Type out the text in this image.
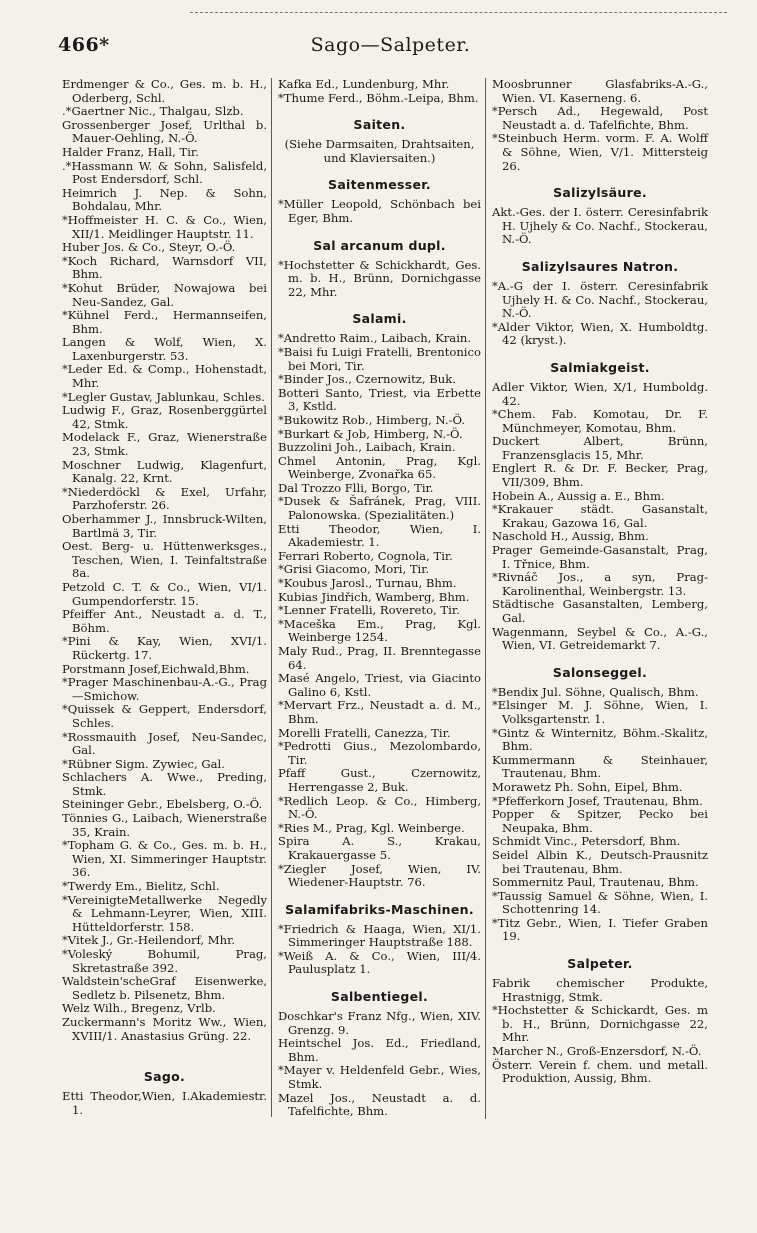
466*	Sago—Salpeter.

Erdmenger & Co., Ges. m. b. H., Oderberg, Schl.

.*Gaertner Nic., Thalgau, Slzb.

Grossenberger Josef, Urlthal b. Mauer-Oehling, N.-Ö.

Halder Franz, Hall, Tir.

.*Hassmann W. & Sohn, Salisfeld, Post Endersdorf, Schl.

Heimrich J. Nep. & Sohn, Bohdalau, Mhr.

*Hoffmeister H. C. & Co., Wien, XII/1. Meidlinger Hauptstr. 11.

Huber Jos. & Co., Steyr, O.-Ö.

*Koch Richard, Warnsdorf VII, Bhm.

*Kohut Brüder, Nowajowa bei Neu-Sandez, Gal.

*Kühnel Ferd., Hermannseifen, Bhm.

Langen & Wolf, Wien, X. Laxenburgerstr. 53.

*Leder Ed. & Comp., Hohenstadt, Mhr.

*Legler Gustav, Jablunkau, Schles.

Ludwig F., Graz, Rosenberggürtel 42, Stmk.

Modelack F., Graz, Wienerstraße 23, Stmk.

Moschner Ludwig, Klagenfurt, Kanalg. 22, Krnt.

*Niederdöckl & Exel, Urfahr, Parzhoferstr. 26.

Oberhammer J., Innsbruck-Wilten, Bartlmä 3, Tir.

Oest. Berg- u. Hüttenwerksges., Teschen, Wien, I. Teinfaltstraße 8a.

Petzold C. T. & Co., Wien, VI/1. Gumpendorferstr. 15.

Pfeiffer Ant., Neustadt a. d. T., Böhm.

*Pini & Kay, Wien, XVI/1. Rückertg. 17.

Porstmann Josef,Eichwald,Bhm.

*Prager Maschinenbau-A.-G., Prag—Smichow.

*Quissek & Geppert, Endersdorf, Schles.

*Rossmauith Josef, Neu-Sandec, Gal.

*Rübner Sigm. Zywiec, Gal.

Schlachers A. Wwe., Preding, Stmk.

Steininger Gebr., Ebelsberg, O.-Ö.

Tönnies G., Laibach, Wienerstraße 35, Krain.

*Topham G. & Co., Ges. m. b. H., Wien, XI. Simmeringer Hauptstr. 36.

*Twerdy Em., Bielitz, Schl.

*VereinigteMetallwerke Negedly & Lehmann-Leyrer, Wien, XIII. Hütteldorferstr. 158.

*Vitek J., Gr.-Heilendorf, Mhr.

*Voleský Bohumil, Prag, Skretastraße 392.

Waldstein'scheGraf Eisenwerke, Sedletz b. Pilsenetz, Bhm.

Welz Wilh., Bregenz, Vrlb.

Zuckermann's Moritz Ww., Wien, XVIII/1. Anastasius Grüng. 22.

Sago.

Etti Theodor,Wien, I.Akademiestr. 1.

Kafka Ed., Lundenburg, Mhr.

*Thume Ferd., Böhm.-Leipa, Bhm.

Saiten.

(Siehe Darmsaiten, Drahtsaiten, und Klaviersaiten.)

Saitenmesser.

*Müller Leopold, Schönbach bei Eger, Bhm.

Sal arcanum dupl.

*Hochstetter & Schickhardt, Ges. m. b. H., Brünn, Dornichgasse 22, Mhr.

Salami.

*Andretto Raim., Laibach, Krain.

*Baisi fu Luigi Fratelli, Brentonico bei Mori, Tir.

*Binder Jos., Czernowitz, Buk.

Botteri Santo, Triest, via Erbette 3, Kstld.

*Bukowitz Rob., Himberg, N.-Ö.

*Burkart & Job, Himberg, N.-Ö.

Buzzolini Joh., Laibach, Krain.

Chmel Antonin, Prag, Kgl. Weinberge, Zvonařka 65.

Dal Trozzo Flli, Borgo, Tir.

*Dusek & Šafránek, Prag, VIII. Palonowska. (Spezialitäten.)

Etti Theodor, Wien, I. Akademiestr. 1.

Ferrari Roberto, Cognola, Tir.

*Grisi Giacomo, Mori, Tir.

*Koubus Jarosl., Turnau, Bhm.

Kubias Jindřich, Wamberg, Bhm.

*Lenner Fratelli, Rovereto, Tir.

*Maceška Em., Prag, Kgl. Weinberge 1254.

Maly Rud., Prag, II. Brenntegasse 64.

Masé Angelo, Triest, via Giacinto Galino 6, Kstl.

*Mervart Frz., Neustadt a. d. M., Bhm.

Morelli Fratelli, Canezza, Tir.

*Pedrotti Gius., Mezolombardo, Tir.

Pfaff Gust., Czernowitz, Herrengasse 2, Buk.

*Redlich Leop. & Co., Himberg, N.-Ö.

*Ries M., Prag, Kgl. Weinberge.

Spira A. S., Krakau, Krakauergasse 5.

*Ziegler Josef, Wien, IV. Wiedener-Hauptstr. 76.

Salamifabriks-Maschinen.

*Friedrich & Haaga, Wien, XI/1. Simmeringer Hauptstraße 188.

*Weiß A. & Co., Wien, III/4. Paulusplatz 1.

Salbentiegel.

Doschkar's Franz Nfg., Wien, XIV. Grenzg. 9.

Heintschel Jos. Ed., Friedland, Bhm.

*Mayer v. Heldenfeld Gebr., Wies, Stmk.

Mazel Jos., Neustadt a. d. Tafelfichte, Bhm.

Moosbrunner Glasfabriks-A.-G., Wien. VI. Kaserneng. 6.

*Persch Ad., Hegewald, Post Neustadt a. d. Tafelfichte, Bhm.

*Steinbuch Herm. vorm. F. A. Wolff & Söhne, Wien, V/1. Mittersteig 26.

Salizylsäure.

Akt.-Ges. der I. österr. Ceresinfabrik H. Ujhely & Co. Nachf., Stockerau, N.-Ö.

Salizylsaures Natron.

*A.-G der I. österr. Ceresinfabrik Ujhely H. & Co. Nachf., Stockerau, N.-Ö.

*Alder Viktor, Wien, X. Humboldtg. 42 (kryst.).

Salmiakgeist.

Adler Viktor, Wien, X/1, Humboldg. 42.

*Chem. Fab. Komotau, Dr. F. Münchmeyer, Komotau, Bhm.

Duckert Albert, Brünn, Franzensglacis 15, Mhr.

Englert R. & Dr. F. Becker, Prag, VII/309, Bhm.

Hobein A., Aussig a. E., Bhm.

*Krakauer städt. Gasanstalt, Krakau, Gazowa 16, Gal.

Naschold H., Aussig, Bhm.

Prager Gemeinde-Gasanstalt, Prag, I. Třnice, Bhm.

*Rivnáč Jos., a syn, Prag-Karolinenthal, Weinbergstr. 13.

Städtische Gasanstalten, Lemberg, Gal.

Wagenmann, Seybel & Co., A.-G., Wien, VI. Getreidemarkt 7.

Salonseggel.

*Bendix Jul. Söhne, Qualisch, Bhm.

*Elsinger M. J. Söhne, Wien, I. Volksgartenstr. 1.

*Gintz & Winternitz, Böhm.-Skalitz, Bhm.

Kummermann & Steinhauer, Trautenau, Bhm.

Morawetz Ph. Sohn, Eipel, Bhm.

*Pfefferkorn Josef, Trautenau, Bhm.

Popper & Spitzer, Pecko bei Neupaka, Bhm.

Schmidt Vinc., Petersdorf, Bhm.

Seidel Albin K., Deutsch-Prausnitz bei Trautenau, Bhm.

Sommernitz Paul, Trautenau, Bhm.

*Taussig Samuel & Söhne, Wien, I. Schottenring 14.

*Titz Gebr., Wien, I. Tiefer Graben 19.

Salpeter.

Fabrik chemischer Produkte, Hrastnigg, Stmk.

*Hochstetter & Schickardt, Ges. m b. H., Brünn, Dornichgasse 22, Mhr.

Marcher N., Groß-Enzersdorf, N.-Ö.

Österr. Verein f. chem. und metall. Produktion, Aussig, Bhm.
